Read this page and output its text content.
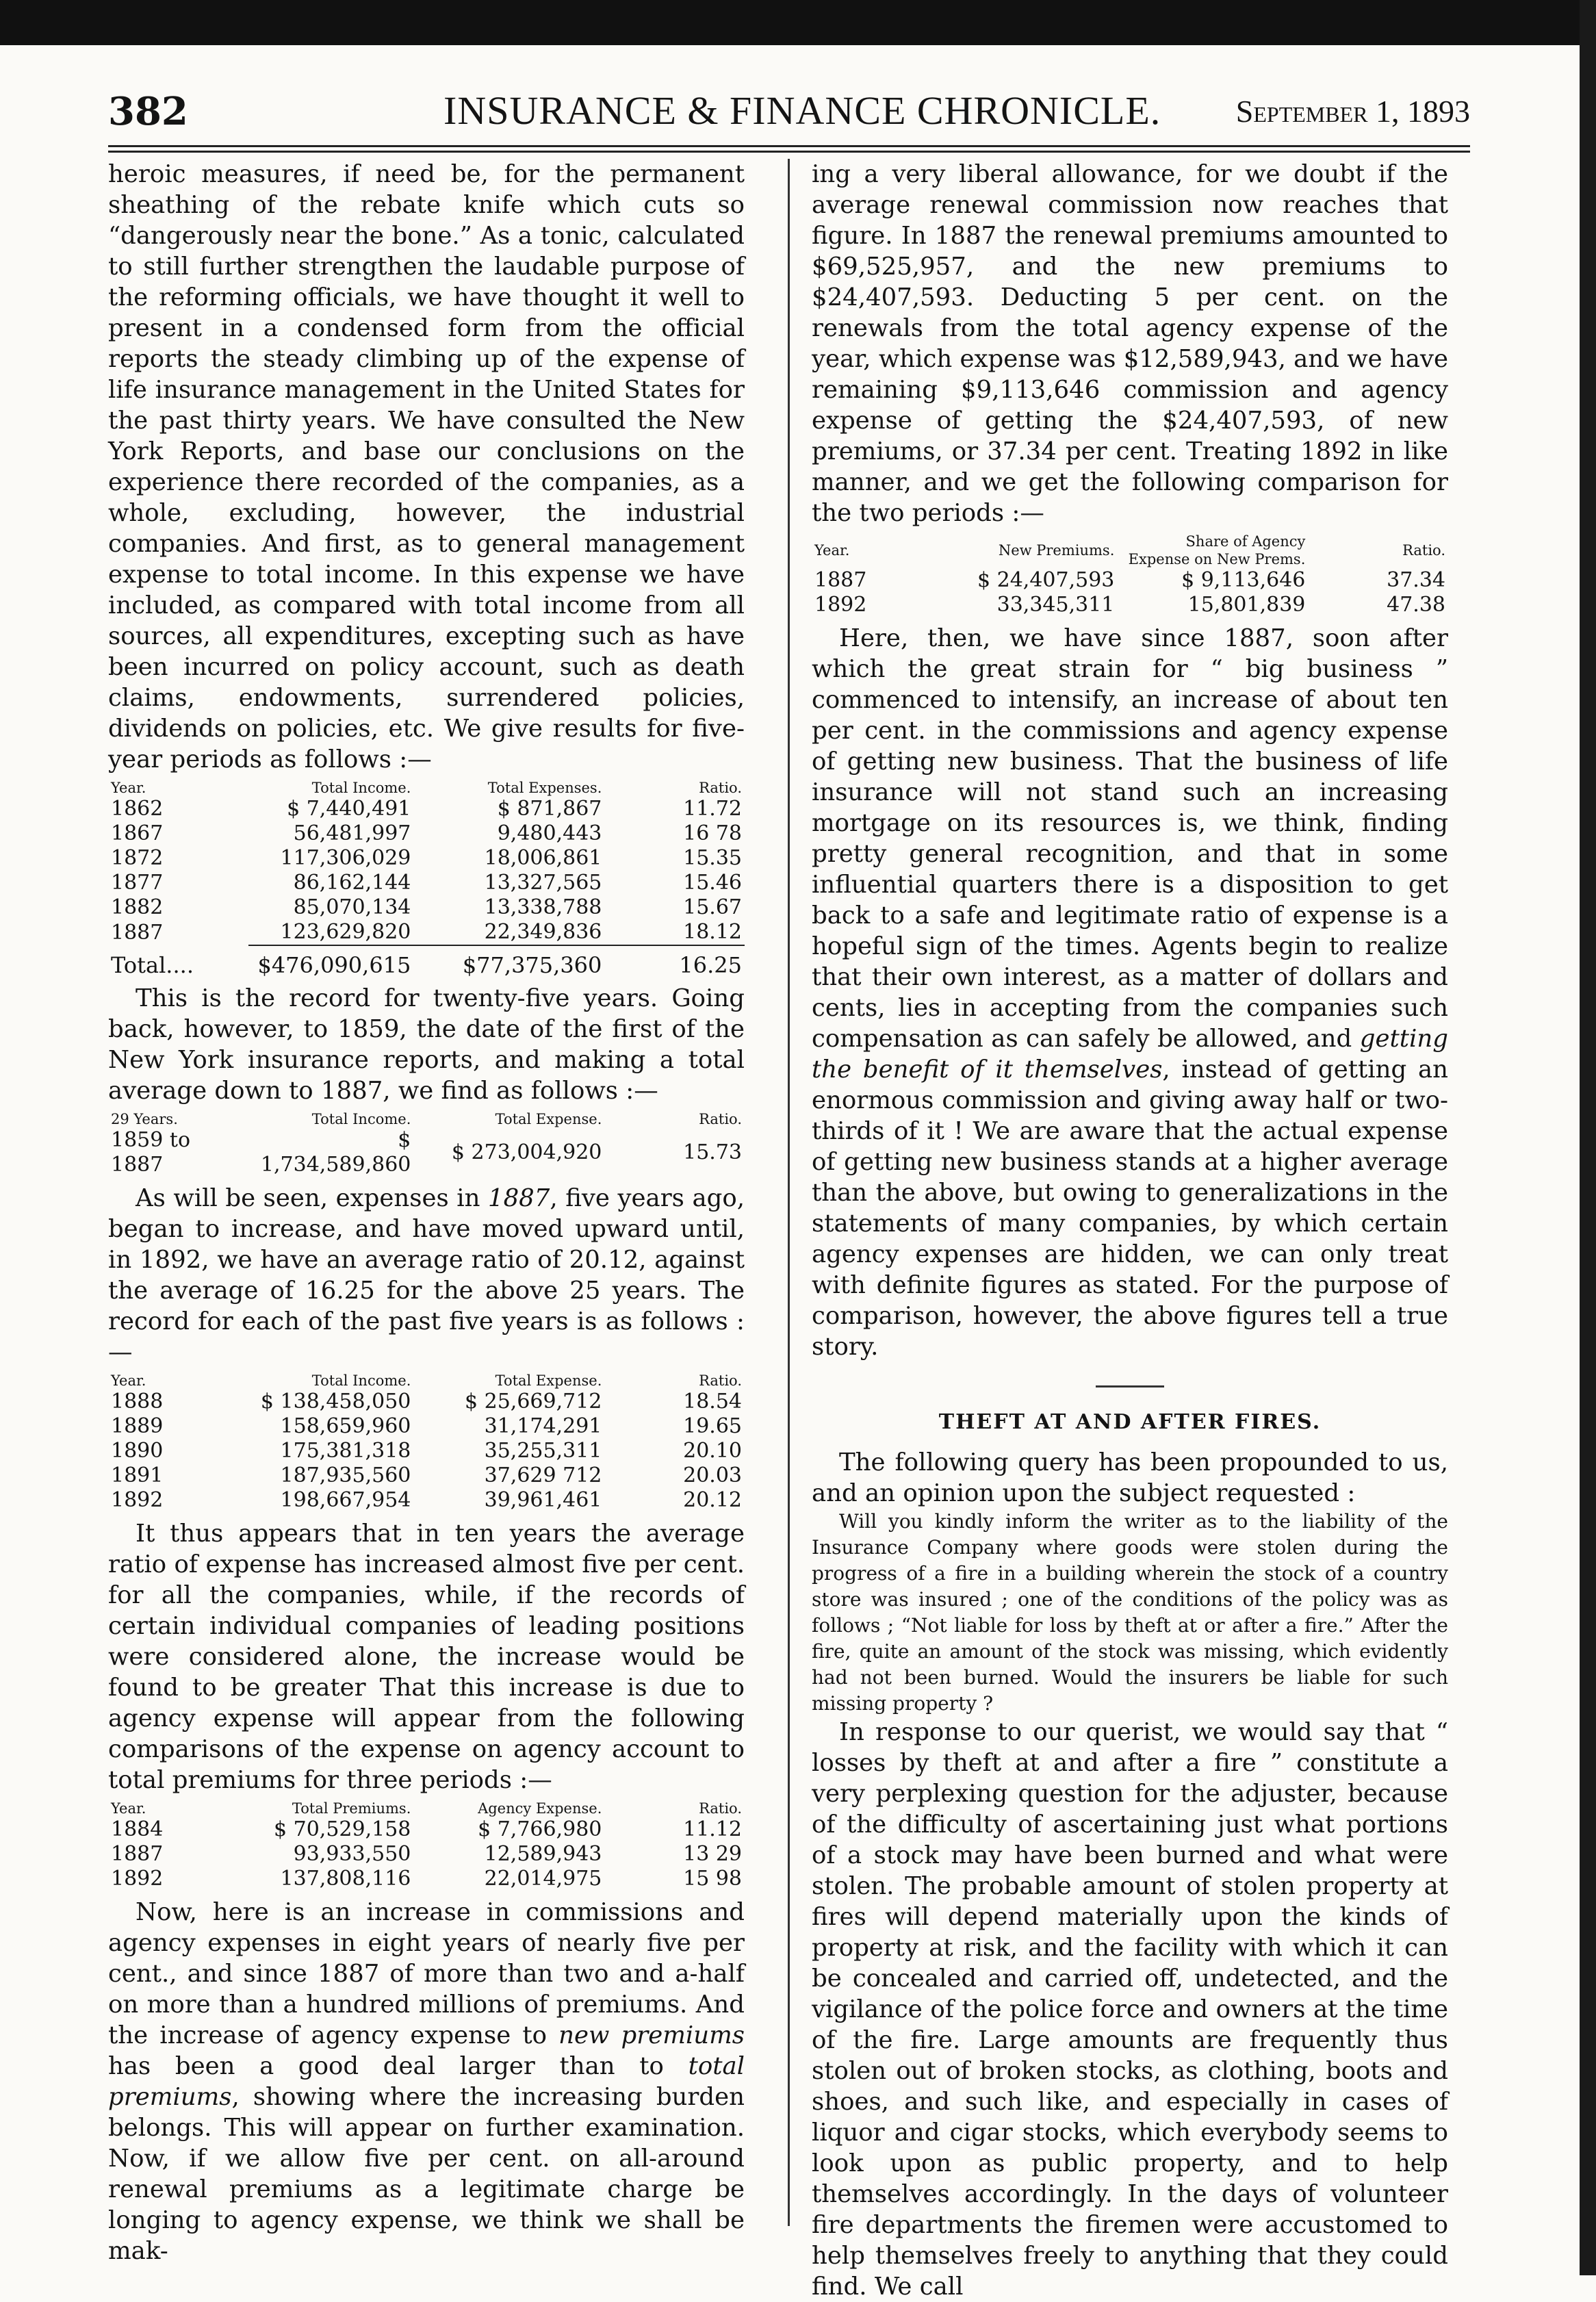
382	INSURANCE & FINANCE CHRONICLE. September 1, 1893

heroic measures, if need be, for the permanent sheathing of the rebate knife which cuts so “dangerously near the bone.” As a tonic, calculated to still further strengthen the laudable purpose of the reforming officials, we have thought it well to present in a condensed form from the official reports the steady climbing up of the expense of life insurance management in the United States for the past thirty years. We have consulted the New York Reports, and base our conclusions on the experience there recorded of the companies, as a whole, excluding, however, the industrial companies. And first, as to general management expense to total income. In this expense we have included, as compared with total income from all sources, all expenditures, excepting such as have been incurred on policy account, such as death claims, endowments, surrendered policies, dividends on policies, etc. We give results for five-year periods as follows :—

Year.	Total Income.	Total Expenses.	Ratio.
1862	$ 7,440,491	$ 871,867	11.72
1867	56,481,997	9,480,443	16 78
1872	117,306,029	18,006,861	15.35
1877	86,162,144	13,327,565	15.46
1882	85,070,134	13,338,788	15.67
1887	123,629,820	22,349,836	18.12
Total....	$476,090,615	$77,375,360	16.25

This is the record for twenty-five years. Going back, however, to 1859, the date of the first of the New York insurance reports, and making a total average down to 1887, we find as follows :—

29 Years.	Total Income.	Total Expense.	Ratio.
1859 to 1887	$ 1,734,589,860	$ 273,004,920	15.73

As will be seen, expenses in 1887, five years ago, began to increase, and have moved upward until, in 1892, we have an average ratio of 20.12, against the average of 16.25 for the above 25 years. The record for each of the past five years is as follows :—

Year.	Total Income.	Total Expense.	Ratio.
1888	$ 138,458,050	$ 25,669,712	18.54
1889	158,659,960	31,174,291	19.65
1890	175,381,318	35,255,311	20.10
1891	187,935,560	37,629 712	20.03
1892	198,667,954	39,961,461	20.12

It thus appears that in ten years the average ratio of expense has increased almost five per cent. for all the companies, while, if the records of certain individual companies of leading positions were considered alone, the increase would be found to be greater That this increase is due to agency expense will appear from the following comparisons of the expense on agency account to total premiums for three periods :—

Year.	Total Premiums.	Agency Expense.	Ratio.
1884	$ 70,529,158	$ 7,766,980	11.12
1887	93,933,550	12,589,943	13 29
1892	137,808,116	22,014,975	15 98

Now, here is an increase in commissions and agency expenses in eight years of nearly five per cent., and since 1887 of more than two and a-half on more than a hundred millions of premiums. And the increase of agency expense to new premiums has been a good deal larger than to total premiums, showing where the increasing burden belongs. This will appear on further examination. Now, if we allow five per cent. on all-around renewal premiums as a legitimate charge be longing to agency expense, we think we shall be mak-

ing a very liberal allowance, for we doubt if the average renewal commission now reaches that figure. In 1887 the renewal premiums amounted to $69,525,957, and the new premiums to $24,407,593. Deducting 5 per cent. on the renewals from the total agency expense of the year, which expense was $12,589,943, and we have remaining $9,113,646 commission and agency expense of getting the $24,407,593, of new premiums, or 37.34 per cent. Treating 1892 in like manner, and we get the following comparison for the two periods :—

Year.	New Premiums.	Share of Agency Expense on New Prems.	Ratio.
1887	$ 24,407,593	$ 9,113,646	37.34
1892	33,345,311	15,801,839	47.38

Here, then, we have since 1887, soon after which the great strain for “ big business ” commenced to intensify, an increase of about ten per cent. in the commissions and agency expense of getting new business. That the business of life insurance will not stand such an increasing mortgage on its resources is, we think, finding pretty general recognition, and that in some influential quarters there is a disposition to get back to a safe and legitimate ratio of expense is a hopeful sign of the times. Agents begin to realize that their own interest, as a matter of dollars and cents, lies in accepting from the companies such compensation as can safely be allowed, and getting the benefit of it themselves, instead of getting an enormous commission and giving away half or two-thirds of it ! We are aware that the actual expense of getting new business stands at a higher average than the above, but owing to generalizations in the statements of many companies, by which certain agency expenses are hidden, we can only treat with definite figures as stated. For the purpose of comparison, however, the above figures tell a true story.

THEFT AT AND AFTER FIRES.

The following query has been propounded to us, and an opinion upon the subject requested :

Will you kindly inform the writer as to the liability of the Insurance Company where goods were stolen during the progress of a fire in a building wherein the stock of a country store was insured ; one of the conditions of the policy was as follows ; “Not liable for loss by theft at or after a fire.” After the fire, quite an amount of the stock was missing, which evidently had not been burned. Would the insurers be liable for such missing property ?

In response to our querist, we would say that “ losses by theft at and after a fire ” constitute a very perplexing question for the adjuster, because of the difficulty of ascertaining just what portions of a stock may have been burned and what were stolen. The probable amount of stolen property at fires will depend materially upon the kinds of property at risk, and the facility with which it can be concealed and carried off, undetected, and the vigilance of the police force and owners at the time of the fire. Large amounts are frequently thus stolen out of broken stocks, as clothing, boots and shoes, and such like, and especially in cases of liquor and cigar stocks, which everybody seems to look upon as public property, and to help themselves accordingly. In the days of volunteer fire departments the firemen were accustomed to help themselves freely to anything that they could find. We call
